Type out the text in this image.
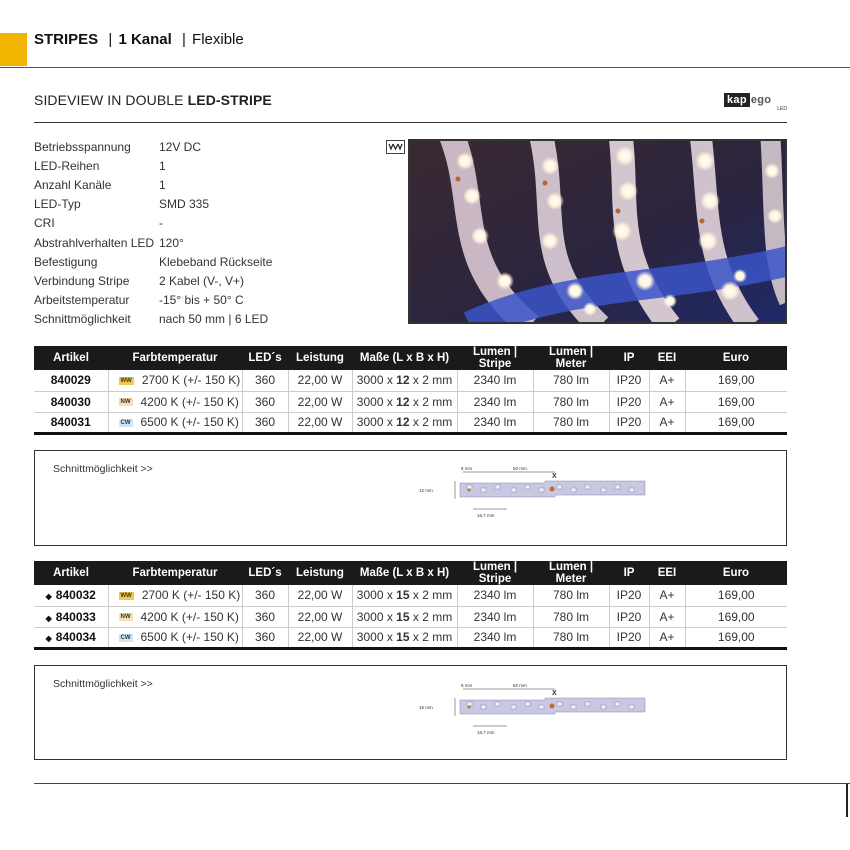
STRIPES | 1 Kanal | Flexible
SIDEVIEW IN DOUBLE LED-STRIPE	kap ego
LED
Betriebsspannung	12V DC
LED-Reihen	1
Anzahl Kanäle	1
LED-Typ	SMD 335
CRI	-
Abstrahlverhalten LED 120°
Befestigung	Klebeband Rückseite
Verbindung Stripe	2 Kabel (V-, V+)
Arbeitstemperatur	-15° bis + 50° C
Schnittmöglichkeit	nach 50 mm | 6 LED
Artikel	Farbtemperatur	LED´s	Leistung	Maße (L x B x H)	Lumen | Stripe	Lumen | Meter	IP	EEI	Euro
840029	WW 2700 K (+/- 150 K)	360	22,00 W	3000 x 12 x 2 mm	2340 lm	780 lm	IP20	A+	169,00
840030	NW 4200 K (+/- 150 K)	360	22,00 W	3000 x 12 x 2 mm	2340 lm	780 lm	IP20	A+	169,00
840031	CW 6500 K (+/- 150 K)	360	22,00 W	3000 x 12 x 2 mm	2340 lm	780 lm	IP20	A+	169,00
Schnittmöglichkeit >>	8 mm	50 mm
12 mm
16,7 mm
X
Artikel	Farbtemperatur	LED´s	Leistung	Maße (L x B x H)	Lumen | Stripe	Lumen | Meter	IP	EEI	Euro
◆ 840032	WW 2700 K (+/- 150 K)	360	22,00 W	3000 x 15 x 2 mm	2340 lm	780 lm	IP20	A+	169,00
◆ 840033	NW 4200 K (+/- 150 K)	360	22,00 W	3000 x 15 x 2 mm	2340 lm	780 lm	IP20	A+	169,00
◆ 840034	CW 6500 K (+/- 150 K)	360	22,00 W	3000 x 15 x 2 mm	2340 lm	780 lm	IP20	A+	169,00
Schnittmöglichkeit >>	8 mm	50 mm
15 mm
16,7 mm
X
